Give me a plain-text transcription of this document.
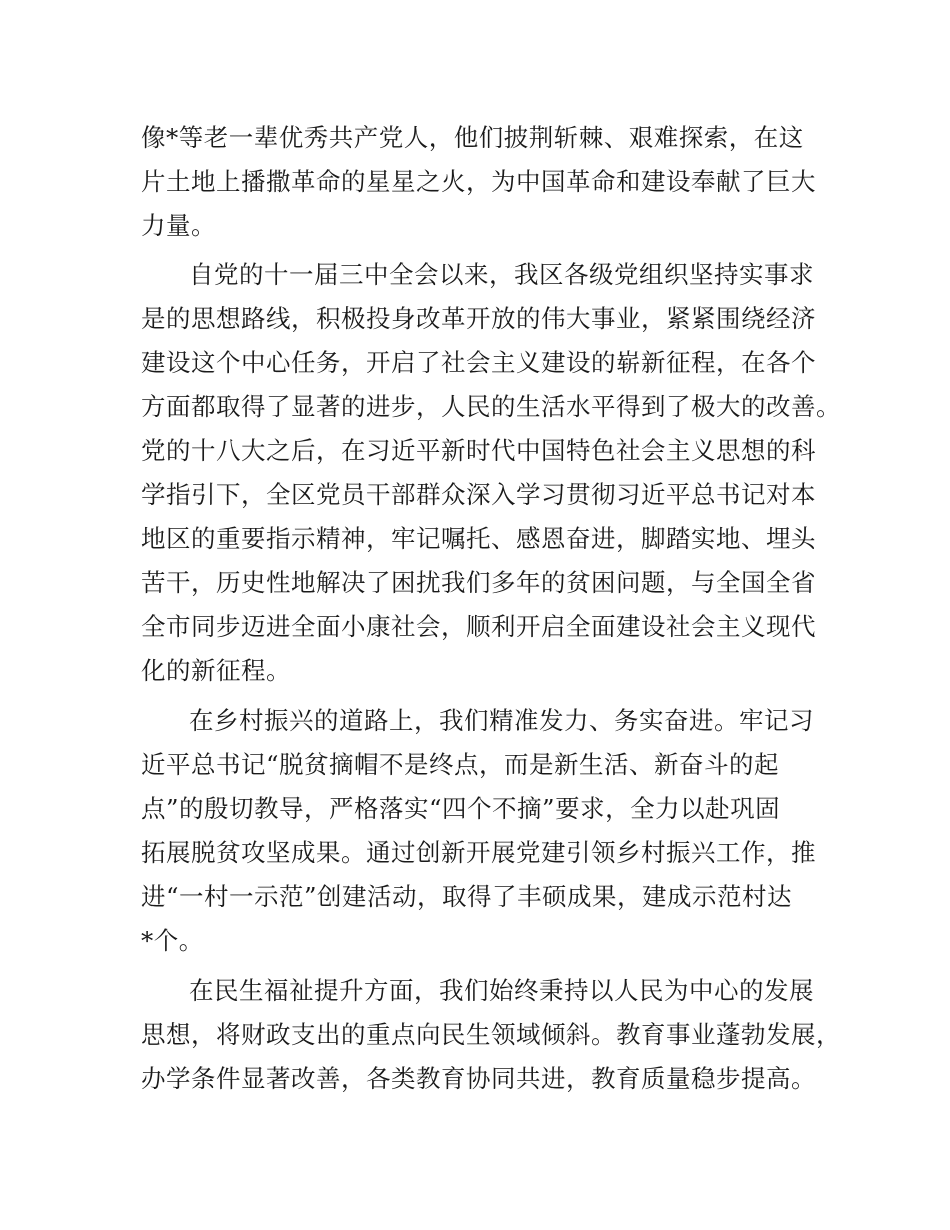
像*等老一辈优秀共产党人，他们披荆斩棘、艰难探索，在这
片土地上播撒革命的星星之火，为中国革命和建设奉献了巨大
力量。
自党的十一届三中全会以来，我区各级党组织坚持实事求
是的思想路线，积极投身改革开放的伟大事业，紧紧围绕经济
建设这个中心任务，开启了社会主义建设的崭新征程，在各个
方面都取得了显著的进步，人民的生活水平得到了极大的改善。
党的十八大之后，在习近平新时代中国特色社会主义思想的科
学指引下，全区党员干部群众深入学习贯彻习近平总书记对本
地区的重要指示精神，牢记嘱托、感恩奋进，脚踏实地、埋头
苦干，历史性地解决了困扰我们多年的贫困问题，与全国全省
全市同步迈进全面小康社会，顺利开启全面建设社会主义现代
化的新征程。
在乡村振兴的道路上，我们精准发力、务实奋进。牢记习
近平总书记“脱贫摘帽不是终点，而是新生活、新奋斗的起
点”的殷切教导，严格落实“四个不摘”要求，全力以赴巩固
拓展脱贫攻坚成果。通过创新开展党建引领乡村振兴工作，推
进“一村一示范”创建活动，取得了丰硕成果，建成示范村达
*个。
在民生福祉提升方面，我们始终秉持以人民为中心的发展
思想，将财政支出的重点向民生领域倾斜。教育事业蓬勃发展，
办学条件显著改善，各类教育协同共进，教育质量稳步提高。
